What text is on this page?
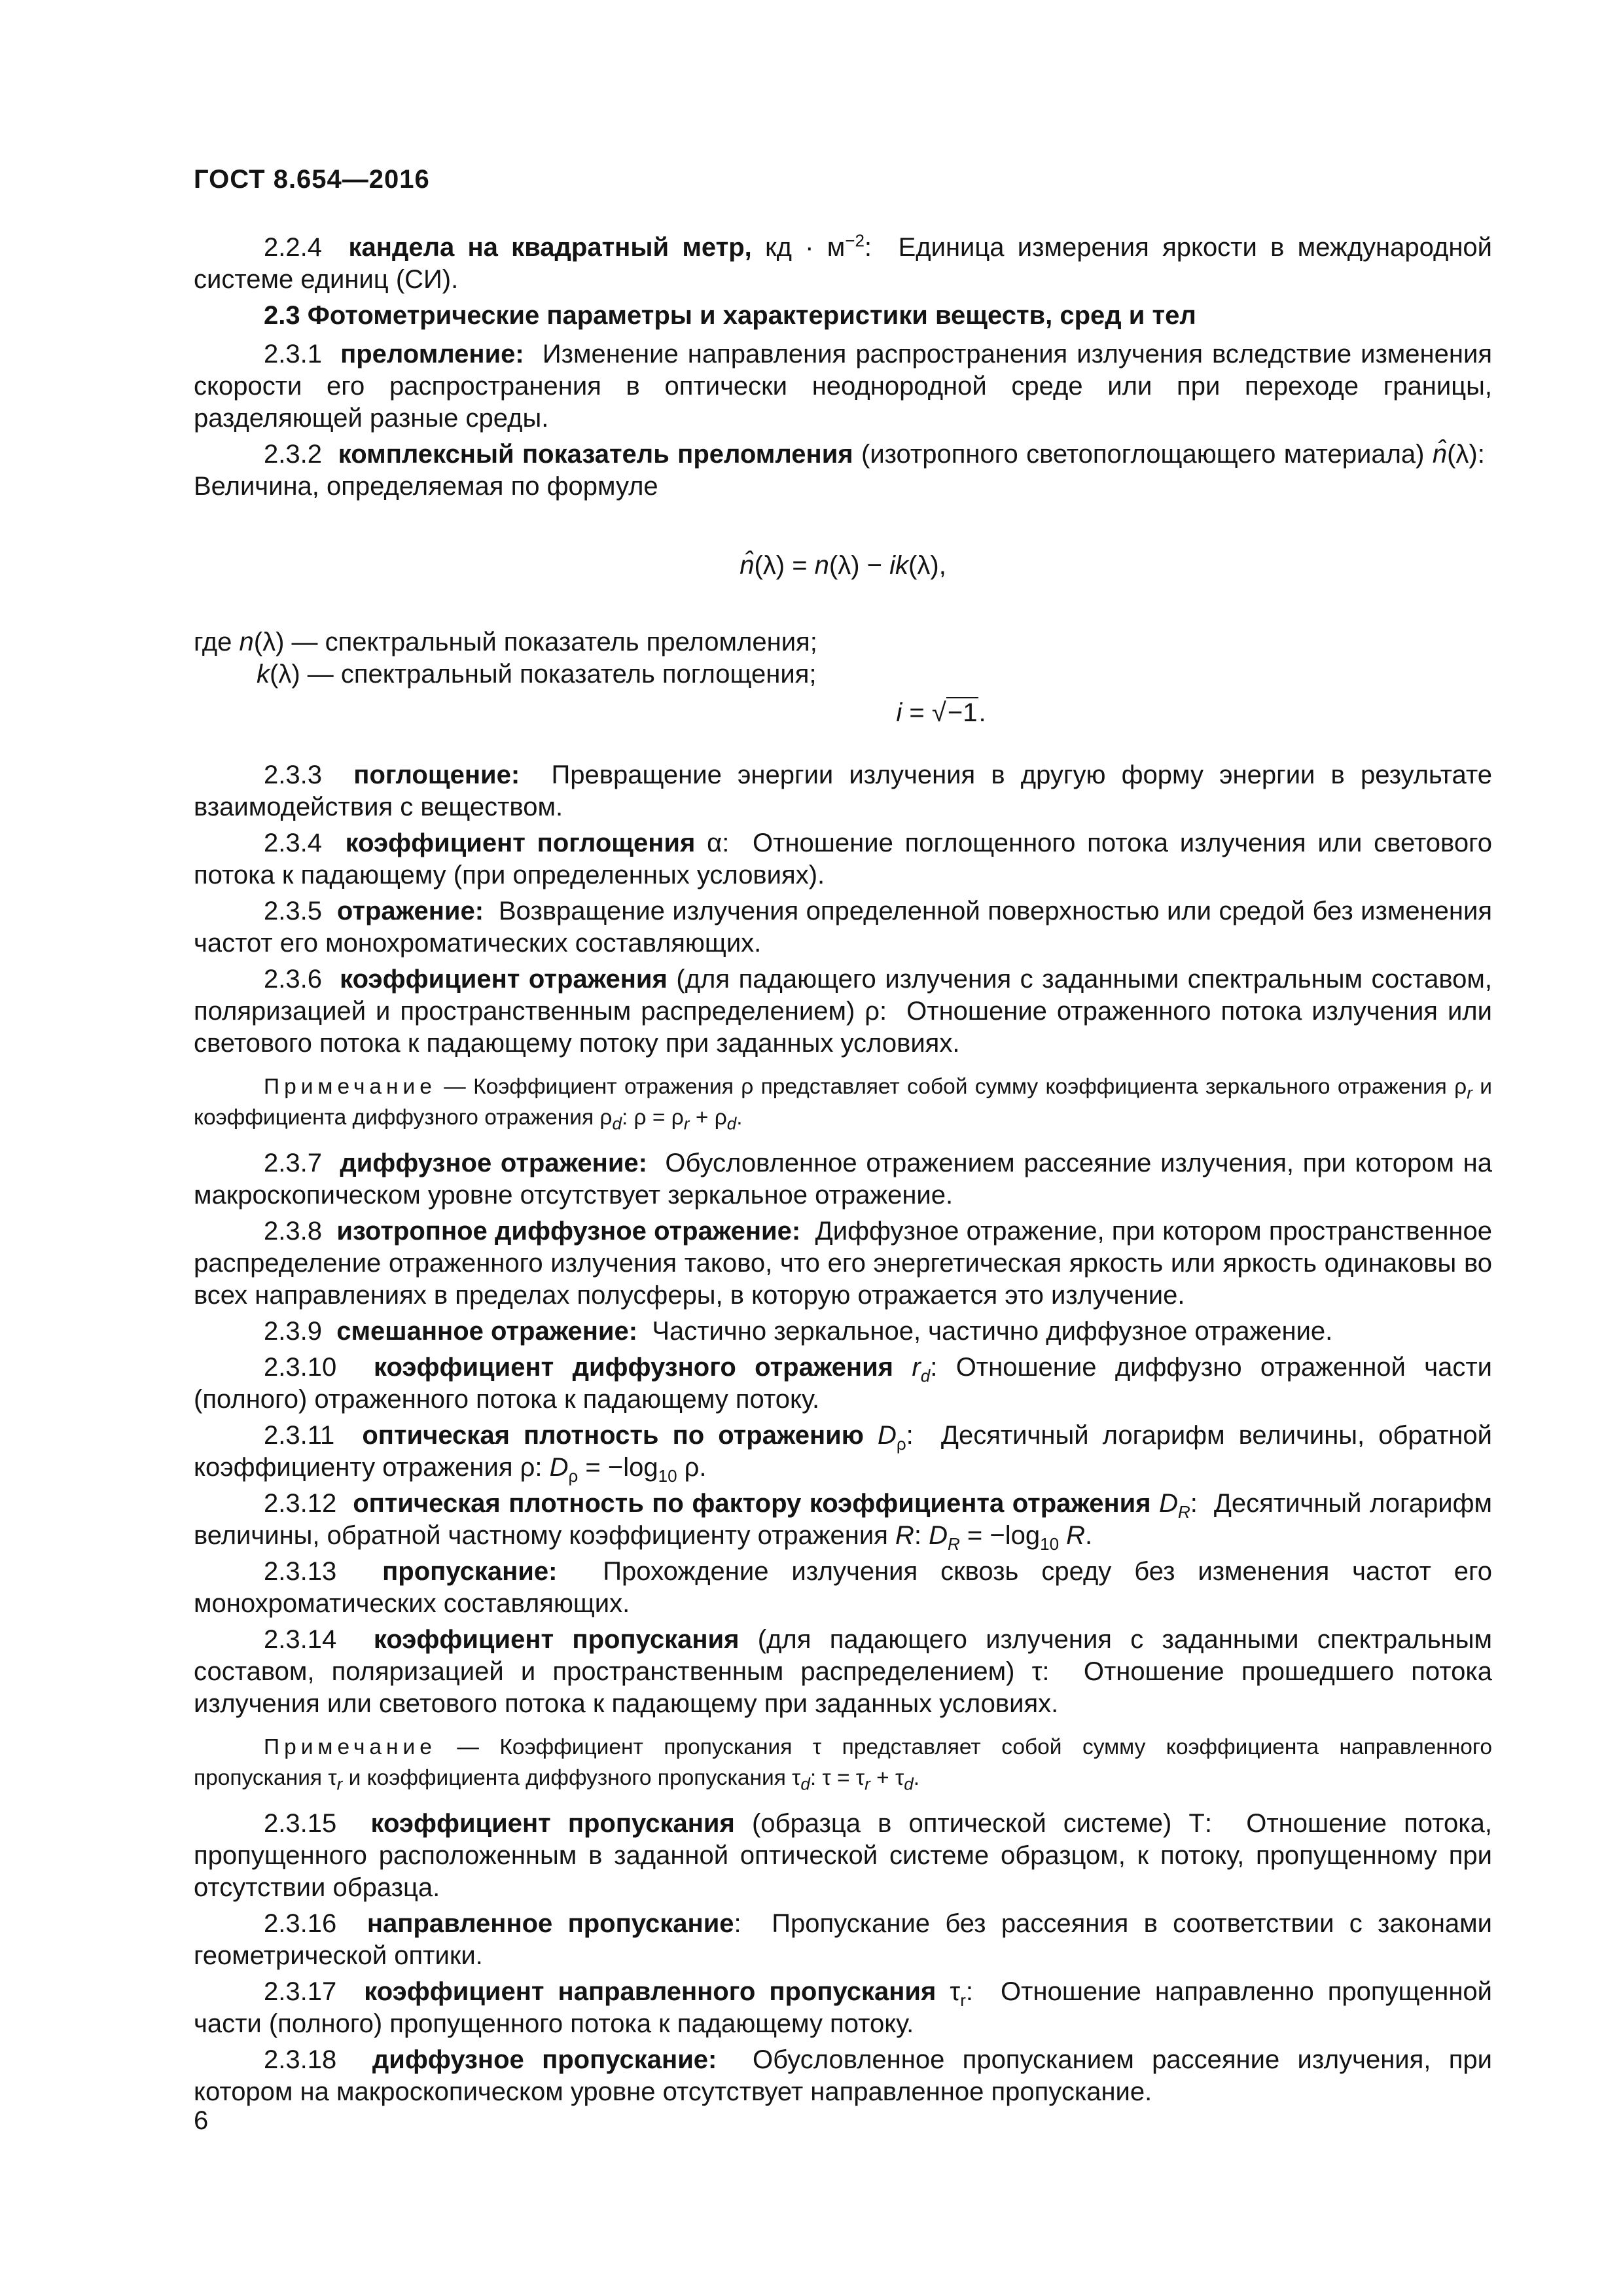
ГОСТ 8.654—2016

2.2.4 кандела на квадратный метр, кд · $м^{-2}$:  Единица измерения яркости в международной системе единиц (СИ).

2.3 Фотометрические параметры и характеристики веществ, сред и тел

2.3.1 преломление: Изменение направления распространения излучения вследствие изменения скорости его распространения в оптически неоднородной среде или при переходе границы, разделяющей разные среды.

2.3.2 комплексный показатель преломления (изотропного светопоглощающего материала) n̂(λ):  Величина, определяемая по формуле

n̂(λ) = n(λ) − ik(λ),

где n(λ) — спектральный показатель преломления;

k(λ) — спектральный показатель поглощения;

i = √−1.

2.3.3 поглощение: Превращение энергии излучения в другую форму энергии в результате взаимодействия с веществом.

2.3.4 коэффициент поглощения α:  Отношение поглощенного потока излучения или светового потока к падающему (при определенных условиях).

2.3.5 отражение: Возвращение излучения определенной поверхностью или средой без изменения частот его монохроматических составляющих.

2.3.6 коэффициент отражения (для падающего излучения с заданными спектральным составом, поляризацией и пространственным распределением) ρ:  Отношение отраженного потока излучения или светового потока к падающему потоку при заданных условиях.

Примечание — Коэффициент отражения ρ представляет собой сумму коэффициента зеркального отражения $\rho_r$ и коэффициента диффузного отражения $\rho_d$: $\rho = \rho_r + \rho_d$.

2.3.7 диффузное отражение: Обусловленное отражением рассеяние излучения, при котором на макроскопическом уровне отсутствует зеркальное отражение.

2.3.8 изотропное диффузное отражение: Диффузное отражение, при котором пространственное распределение отраженного излучения таково, что его энергетическая яркость или яркость одинаковы во всех направлениях в пределах полусферы, в которую отражается это излучение.

2.3.9 смешанное отражение: Частично зеркальное, частично диффузное отражение.

2.3.10 коэффициент диффузного отражения $r_d$: Отношение диффузно отраженной части (полного) отраженного потока к падающему потоку.

2.3.11 оптическая плотность по отражению $D_\rho$:  Десятичный логарифм величины, обратной коэффициенту отражения ρ: $D_\rho = -\log_{10}$ ρ.

2.3.12 оптическая плотность по фактору коэффициента отражения $D_R$:  Десятичный логарифм величины, обратной частному коэффициенту отражения R: $D_R = -\log_{10}$ R.

2.3.13 пропускание: Прохождение излучения сквозь среду без изменения частот его монохроматических составляющих.

2.3.14 коэффициент пропускания (для падающего излучения с заданными спектральным составом, поляризацией и пространственным распределением) τ:  Отношение прошедшего потока излучения или светового потока к падающему при заданных условиях.

Примечание — Коэффициент пропускания τ представляет собой сумму коэффициента направленного пропускания $\tau_r$ и коэффициента диффузного пропускания $\tau_d$: $\tau = \tau_r + \tau_d$.

2.3.15 коэффициент пропускания (образца в оптической системе) Т: Отношение потока, пропущенного расположенным в заданной оптической системе образцом, к потоку, пропущенному при отсутствии образца.

2.3.16 направленное пропускание:  Пропускание без рассеяния в соответствии с законами геометрической оптики.

2.3.17 коэффициент направленного пропускания $\tau_r$:  Отношение направленно пропущенной части (полного) пропущенного потока к падающему потоку.

2.3.18 диффузное пропускание: Обусловленное пропусканием рассеяние излучения, при котором на макроскопическом уровне отсутствует направленное пропускание.

6
